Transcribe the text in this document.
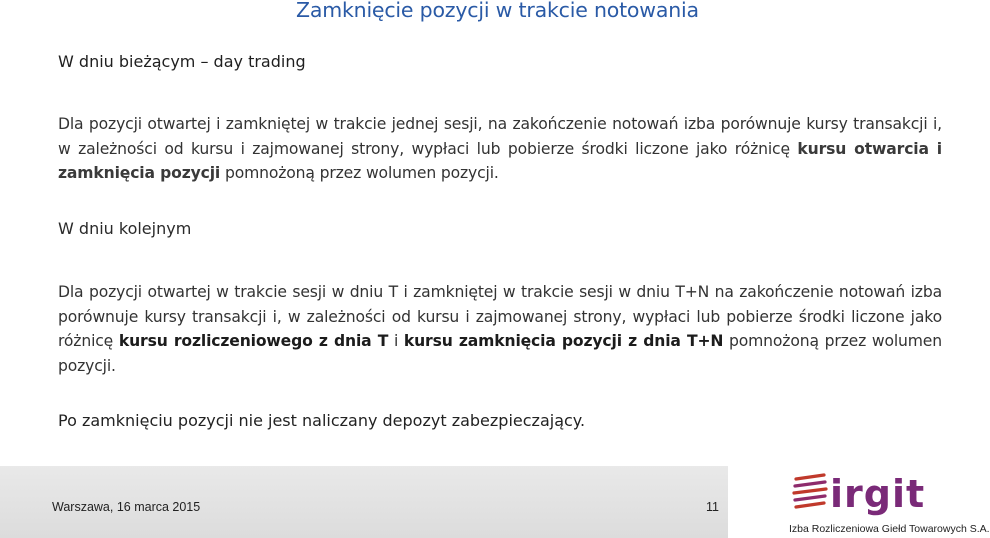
Zamknięcie pozycji w trakcie notowania
W dniu bieżącym – day trading
Dla pozycji otwartej i zamkniętej w trakcie jednej sesji, na zakończenie notowań izba porównuje kursy transakcji i, w zależności od kursu i zajmowanej strony, wypłaci lub pobierze środki liczone jako różnicę kursu otwarcia i zamknięcia pozycji pomnożoną przez wolumen pozycji.
W dniu kolejnym
Dla pozycji otwartej w trakcie sesji w dniu T i zamkniętej w trakcie sesji w dniu T+N na zakończenie notowań izba porównuje kursy transakcji i, w zależności od kursu i zajmowanej strony, wypłaci lub pobierze środki liczone jako różnicę kursu rozliczeniowego z dnia T i kursu zamknięcia pozycji z dnia T+N pomnożoną przez wolumen pozycji.
Po zamknięciu pozycji nie jest naliczany depozyt zabezpieczający.
Warszawa, 16 marca 2015	11	irgit
Izba Rozliczeniowa Giełd Towarowych S.A.
